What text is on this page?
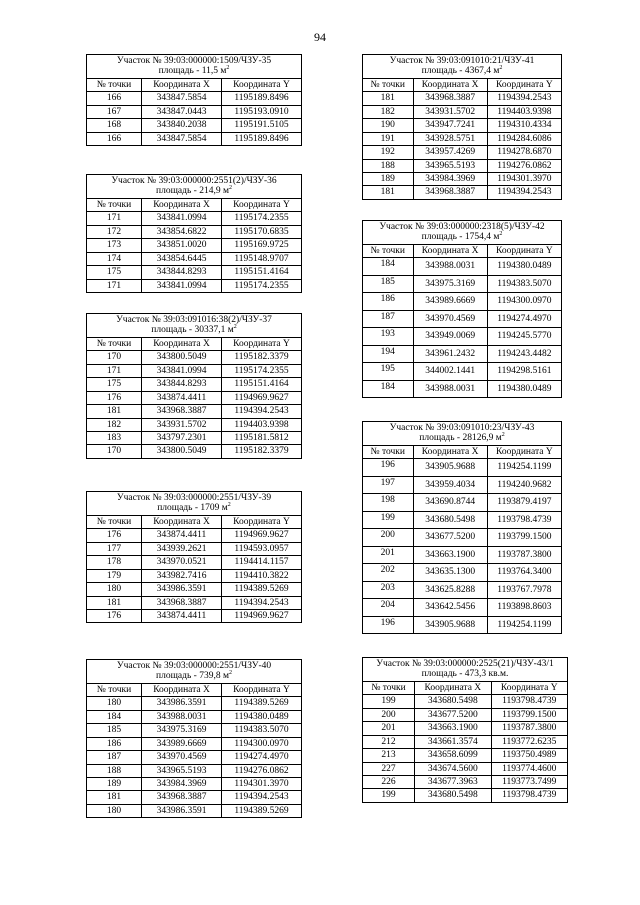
94
Участок № 39:03:000000:1509/ЧЗУ-35
площадь - 11,5 $м^2$
№ точки	Координата X	Координата Y
166	343847.5854	1195189.8496
167	343847.0443	1195193.0910
168	343840.2038	1195191.5105
166	343847.5854	1195189.8496
Участок № 39:03:000000:2551(2)/ЧЗУ-36
площадь - 214,9 $м^2$
№ точки	Координата X	Координата Y
171	343841.0994	1195174.2355
172	343854.6822	1195170.6835
173	343851.0020	1195169.9725
174	343854.6445	1195148.9707
175	343844.8293	1195151.4164
171	343841.0994	1195174.2355
Участок № 39:03:091016:38(2)/ЧЗУ-37
площадь - 30337,1 $м^2$
№ точки	Координата X	Координата Y
170	343800.5049	1195182.3379
171	343841.0994	1195174.2355
175	343844.8293	1195151.4164
176	343874.4411	1194969.9627
181	343968.3887	1194394.2543
182	343931.5702	1194403.9398
183	343797.2301	1195181.5812
170	343800.5049	1195182.3379
Участок № 39:03:000000:2551/ЧЗУ-39
площадь - 1709 $м^2$
№ точки	Координата X	Координата Y
176	343874.4411	1194969.9627
177	343939.2621	1194593.0957
178	343970.0521	1194414.1157
179	343982.7416	1194410.3822
180	343986.3591	1194389.5269
181	343968.3887	1194394.2543
176	343874.4411	1194969.9627
Участок № 39:03:000000:2551/ЧЗУ-40
площадь - 739,8 $м^2$
№ точки	Координата X	Координата Y
180	343986.3591	1194389.5269
184	343988.0031	1194380.0489
185	343975.3169	1194383.5070
186	343989.6669	1194300.0970
187	343970.4569	1194274.4970
188	343965.5193	1194276.0862
189	343984.3969	1194301.3970
181	343968.3887	1194394.2543
180	343986.3591	1194389.5269
Участок № 39:03:091010:21/ЧЗУ-41
площадь - 4367,4 $м^2$
№ точки	Координата X	Координата Y
181	343968.3887	1194394.2543
182	343931.5702	1194403.9398
190	343947.7241	1194310.4334
191	343928.5751	1194284.6086
192	343957.4269	1194278.6870
188	343965.5193	1194276.0862
189	343984.3969	1194301.3970
181	343968.3887	1194394.2543
Участок № 39:03:000000:2318(5)/ЧЗУ-42
площадь - 1754,4 $м^2$
№ точки	Координата X	Координата Y
184	343988.0031	1194380.0489
185	343975.3169	1194383.5070
186	343989.6669	1194300.0970
187	343970.4569	1194274.4970
193	343949.0069	1194245.5770
194	343961.2432	1194243.4482
195	344002.1441	1194298.5161
184	343988.0031	1194380.0489
Участок № 39:03:091010:23/ЧЗУ-43
площадь - 28126,9 $м^2$
№ точки	Координата X	Координата Y
196	343905.9688	1194254.1199
197	343959.4034	1194240.9682
198	343690.8744	1193879.4197
199	343680.5498	1193798.4739
200	343677.5200	1193799.1500
201	343663.1900	1193787.3800
202	343635.1300	1193764.3400
203	343625.8288	1193767.7978
204	343642.5456	1193898.8603
196	343905.9688	1194254.1199
Участок № 39:03:000000:2525(21)/ЧЗУ-43/1 площадь - 473,3 кв.м.		
№ точки	Координата X	Координата Y
199	343680.5498	1193798.4739
200	343677.5200	1193799.1500
201	343663.1900	1193787.3800
212	343661.3574	1193772.6235
213	343658.6099	1193750.4989
227	343674.5600	1193774.4600
226	343677.3963	1193773.7499
199	343680.5498	1193798.4739
